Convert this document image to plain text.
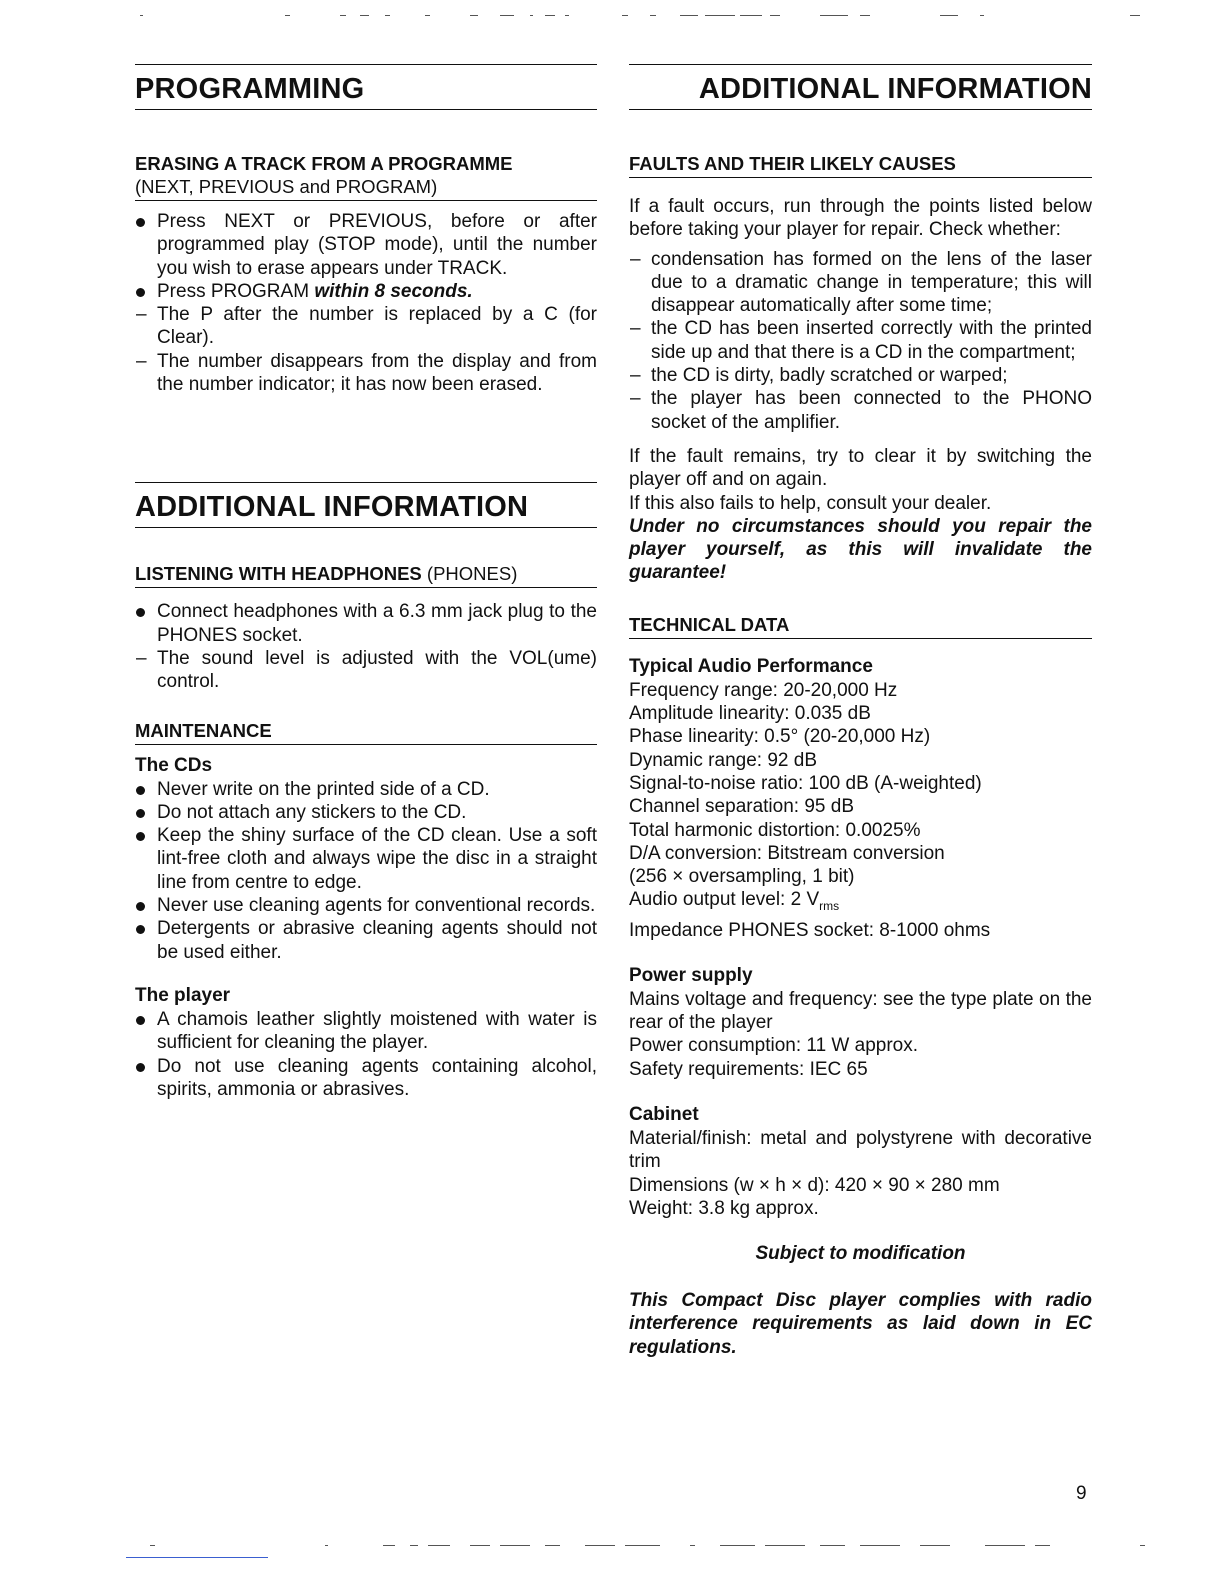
PROGRAMMING
ERASING A TRACK FROM A PROGRAMME
(NEXT, PREVIOUS and PROGRAM)
Press NEXT or PREVIOUS, before or after programmed play (STOP mode), until the number you wish to erase appears under TRACK.
Press PROGRAM within 8 seconds.
– The P after the number is replaced by a C (for Clear).
– The number disappears from the display and from the number indicator; it has now been erased.
ADDITIONAL INFORMATION
LISTENING WITH HEADPHONES (PHONES)
Connect headphones with a 6.3 mm jack plug to the PHONES socket.
– The sound level is adjusted with the VOL(ume) control.
MAINTENANCE

The CDs

Never write on the printed side of a CD.
Do not attach any stickers to the CD.
Keep the shiny surface of the CD clean. Use a soft lint-free cloth and always wipe the disc in a straight line from centre to edge.
Never use cleaning agents for conventional records.
Detergents or abrasive cleaning agents should not be used either.

The player

A chamois leather slightly moistened with water is sufficient for cleaning the player.
Do not use cleaning agents containing alcohol, spirits, ammonia or abrasives.
ADDITIONAL INFORMATION
FAULTS AND THEIR LIKELY CAUSES

If a fault occurs, run through the points listed below before taking your player for repair. Check whether:

– condensation has formed on the lens of the laser due to a dramatic change in temperature; this will disappear automatically after some time;
– the CD has been inserted correctly with the printed side up and that there is a CD in the compartment;
– the CD is dirty, badly scratched or warped;
– the player has been connected to the PHONO socket of the amplifier.

If the fault remains, try to clear it by switching the player off and on again.

If this also fails to help, consult your dealer.

Under no circumstances should you repair the player yourself, as this will invalidate the guarantee!

TECHNICAL DATA

Typical Audio Performance

Frequency range: 20-20,000 Hz

Amplitude linearity: 0.035 dB

Phase linearity: 0.5° (20-20,000 Hz)

Dynamic range: 92 dB

Signal-to-noise ratio: 100 dB (A-weighted)

Channel separation: 95 dB

Total harmonic distortion: 0.0025%

D/A conversion: Bitstream conversion

(256 × oversampling, 1 bit)

Audio output level: 2 $V_{rms}$

Impedance PHONES socket: 8-1000 ohms

Power supply

Mains voltage and frequency: see the type plate on the rear of the player

Power consumption: 11 W approx.

Safety requirements: IEC 65

Cabinet

Material/finish: metal and polystyrene with decorative trim

Dimensions (w × h × d): 420 × 90 × 280 mm

Weight: 3.8 kg approx.

Subject to modification

This Compact Disc player complies with radio interference requirements as laid down in EC regulations.

9
